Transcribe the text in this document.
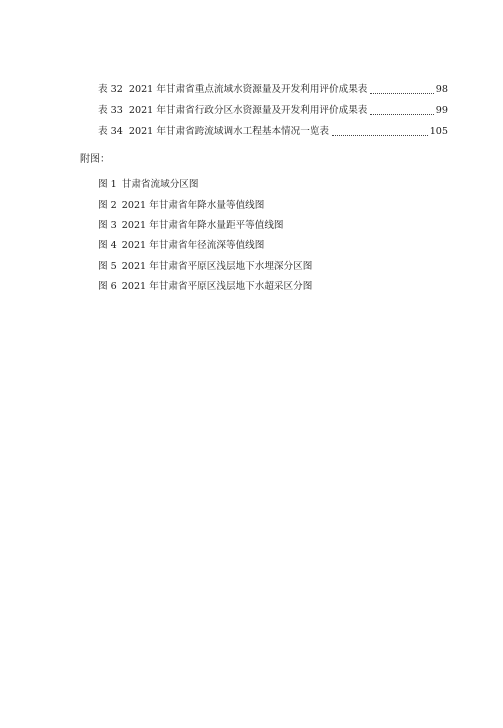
表 32 2021 年甘肃省重点流域水资源量及开发利用评价成果表	98
表 33 2021 年甘肃省行政分区水资源量及开发利用评价成果表	99
表 34 2021 年甘肃省跨流域调水工程基本情况一览表	105
附图：
图 1 甘肃省流域分区图
图 2 2021 年甘肃省年降水量等值线图
图 3 2021 年甘肃省年降水量距平等值线图
图 4 2021 年甘肃省年径流深等值线图
图 5 2021 年甘肃省平原区浅层地下水埋深分区图
图 6 2021 年甘肃省平原区浅层地下水超采区分图
